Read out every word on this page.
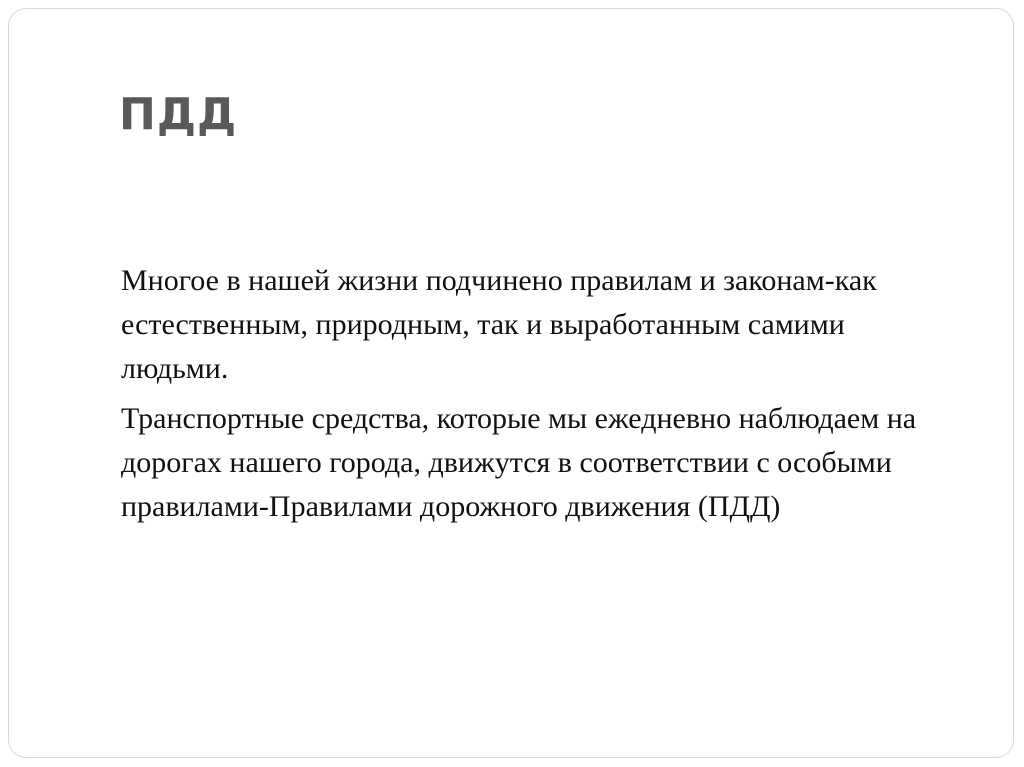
ПДД

Многое в нашей жизни подчинено правилам и законам-как естественным, природным, так и выработанным самими людьми.

Транспортные средства, которые мы ежедневно наблюдаем на дорогах нашего города, движутся в соответствии с особыми правилами-Правилами дорожного движения (ПДД)
